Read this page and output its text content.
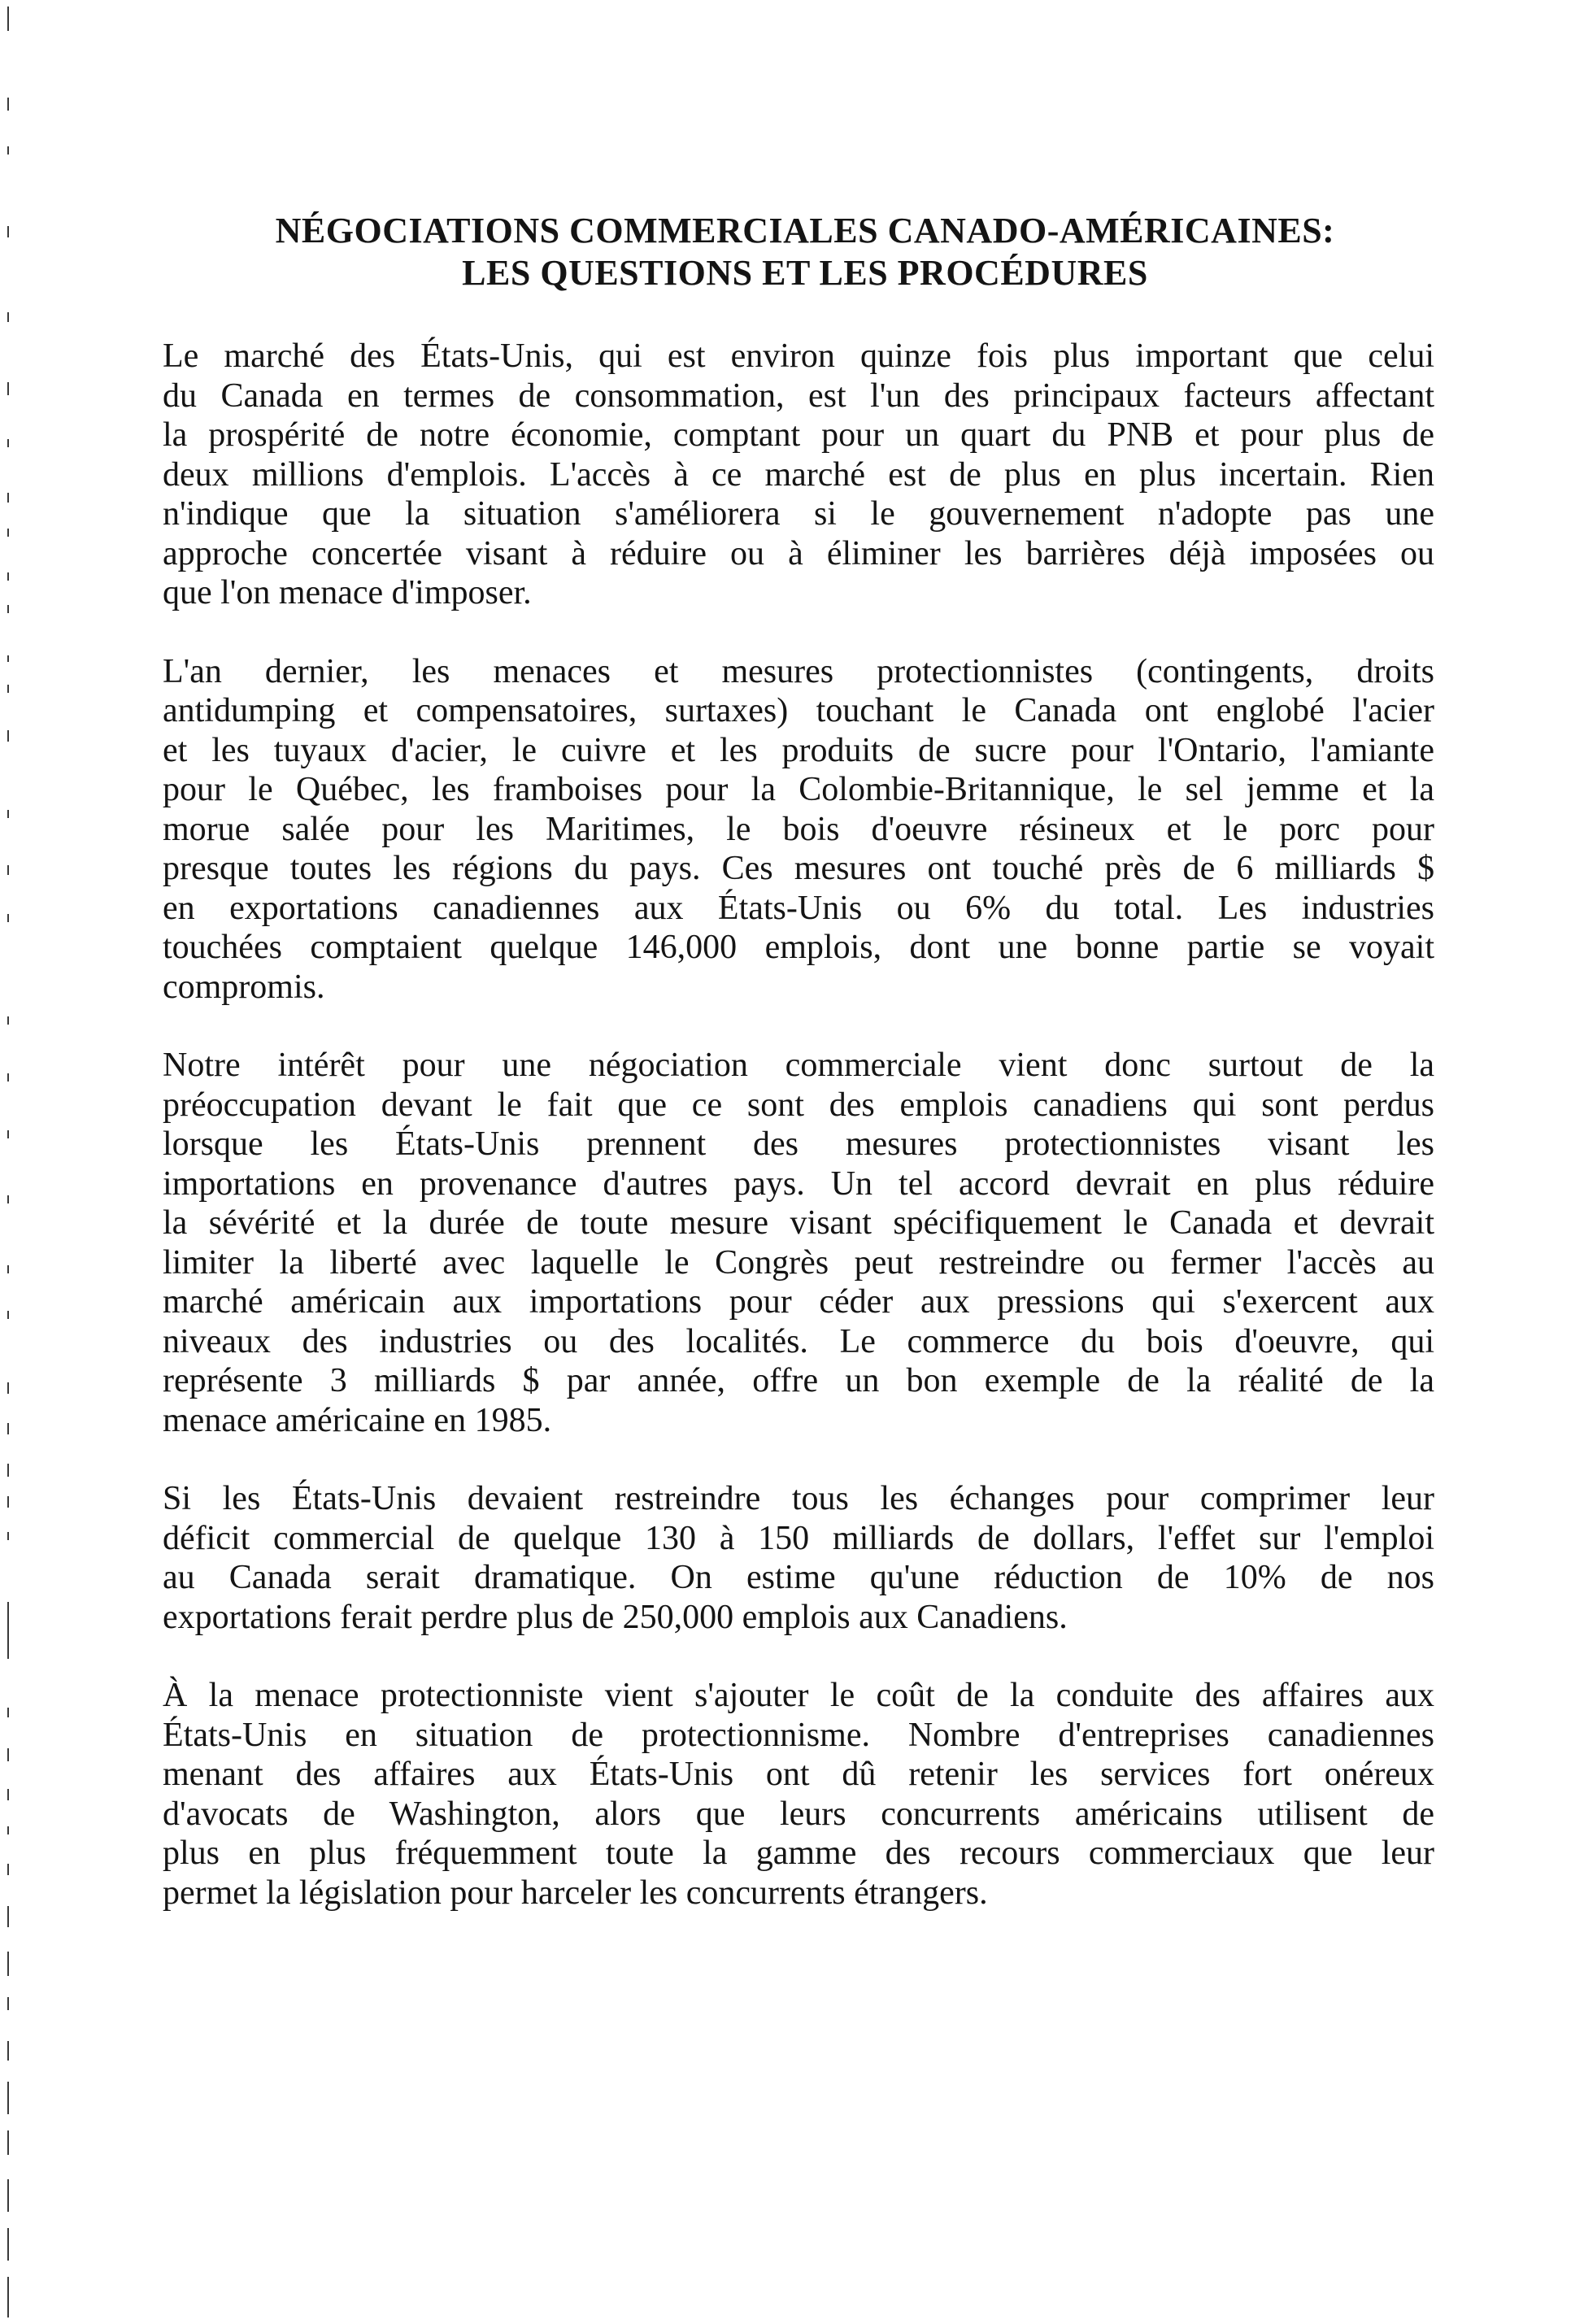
NÉGOCIATIONS COMMERCIALES CANADO-AMÉRICAINES:

LES QUESTIONS ET LES PROCÉDURES

Le marché des États-Unis, qui est environ quinze fois plus important que celui
du Canada en termes de consommation, est l'un des principaux facteurs affectant
la prospérité de notre économie, comptant pour un quart du PNB et pour plus de
deux millions d'emplois. L'accès à ce marché est de plus en plus incertain. Rien
n'indique que la situation s'améliorera si le gouvernement n'adopte pas une
approche concertée visant à réduire ou à éliminer les barrières déjà imposées ou
que l'on menace d'imposer.
L'an dernier, les menaces et mesures protectionnistes (contingents, droits
antidumping et compensatoires, surtaxes) touchant le Canada ont englobé l'acier
et les tuyaux d'acier, le cuivre et les produits de sucre pour l'Ontario, l'amiante
pour le Québec, les framboises pour la Colombie-Britannique, le sel jemme et la
morue salée pour les Maritimes, le bois d'oeuvre résineux et le porc pour
presque toutes les régions du pays. Ces mesures ont touché près de 6 milliards $
en exportations canadiennes aux États-Unis ou 6% du total. Les industries
touchées comptaient quelque 146,000 emplois, dont une bonne partie se voyait
compromis.
Notre intérêt pour une négociation commerciale vient donc surtout de la
préoccupation devant le fait que ce sont des emplois canadiens qui sont perdus
lorsque les États-Unis prennent des mesures protectionnistes visant les
importations en provenance d'autres pays. Un tel accord devrait en plus réduire
la sévérité et la durée de toute mesure visant spécifiquement le Canada et devrait
limiter la liberté avec laquelle le Congrès peut restreindre ou fermer l'accès au
marché américain aux importations pour céder aux pressions qui s'exercent aux
niveaux des industries ou des localités. Le commerce du bois d'oeuvre, qui
représente 3 milliards $ par année, offre un bon exemple de la réalité de la
menace américaine en 1985.
Si les États-Unis devaient restreindre tous les échanges pour comprimer leur
déficit commercial de quelque 130 à 150 milliards de dollars, l'effet sur l'emploi
au Canada serait dramatique. On estime qu'une réduction de 10% de nos
exportations ferait perdre plus de 250,000 emplois aux Canadiens.
À la menace protectionniste vient s'ajouter le coût de la conduite des affaires aux
États-Unis en situation de protectionnisme. Nombre d'entreprises canadiennes
menant des affaires aux États-Unis ont dû retenir les services fort onéreux
d'avocats de Washington, alors que leurs concurrents américains utilisent de
plus en plus fréquemment toute la gamme des recours commerciaux que leur
permet la législation pour harceler les concurrents étrangers.
